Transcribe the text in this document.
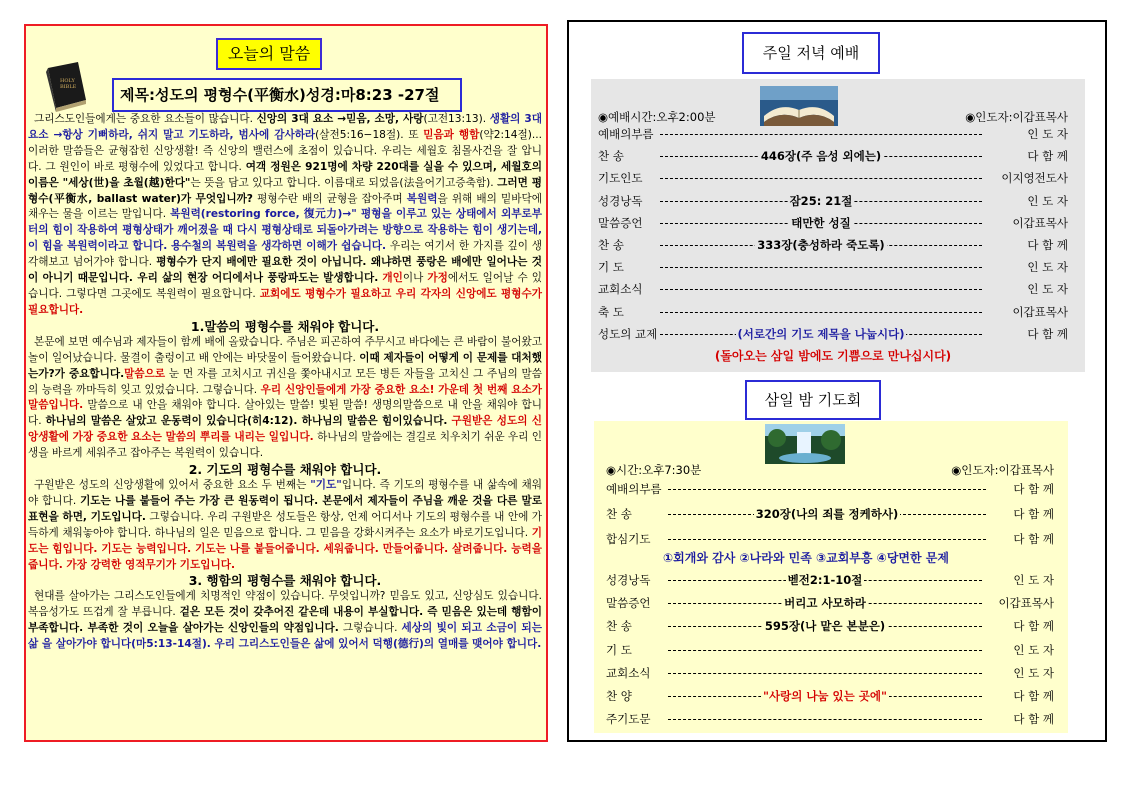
오늘의 말씀
HOLY
BIBLE	제목:성도의 평형수(平衡水)성경:마8:23 -27절

그리스도인들에게는 중요한 요소들이 많습니다. 신앙의 3대 요소 →믿음, 소망, 사랑(고전13:13). 생활의 3대 요소 →항상 기뻐하라, 쉬지 말고 기도하라, 범사에 감사하라(살전5:16−18절). 또 믿음과 행함(약2:14절)... 이러한 말씀들은 균형잡힌 신앙생활! 즉 신앙의 밸런스에 초점이 있습니다. 우리는 세월호 침몰사건을 잘 압니다. 그 원인이 바로 평형수에 있었다고 합니다. 여객 정원은 921명에 차량 220대를 실을 수 있으며, 세월호의 이름은 "세상(世)을 초월(越)한다"는 뜻을 담고 있다고 합니다. 이름대로 되었음(法을어기고증축함). 그러면 평형수(平衡水, ballast water)가 무엇입니까? 평형수란 배의 균형을 잡아주며 복원력을 위해 배의 밑바닥에 채우는 물을 이르는 말입니다. 복원력(restoring force, 復元力)→" 평형을 이루고 있는 상태에서 외부로부터의 힘이 작용하여 평형상태가 깨어졌을 때 다시 평형상태로 되돌아가려는 방향으로 작용하는 힘이 생기는데, 이 힘을 복원력이라고 합니다. 용수철의 복원력을 생각하면 이해가 쉽습니다. 우리는 여기서 한 가지를 깊이 생각해보고 넘어가야 합니다. 평형수가 단지 배에만 필요한 것이 아닙니다. 왜냐하면 풍랑은 배에만 일어나는 것이 아니기 때문입니다. 우리 삶의 현장 어디에서나 풍랑파도는 발생합니다. 개인이나 가정에서도 일어날 수 있습니다. 그렇다면 그곳에도 복원력이 필요합니다. 교회에도 평형수가 필요하고 우리 각자의 신앙에도 평형수가 필요합니다.

1.말씀의 평형수를 채워야 합니다.

본문에 보면 예수님과 제자들이 함께 배에 올랐습니다. 주님은 피곤하여 주무시고 바다에는 큰 바람이 불어왔고 놀이 일어났습니다. 물결이 출렁이고 배 안에는 바닷물이 들어왔습니다. 이때 제자들이 어떻게 이 문제를 대처했는가?가 중요합니다.말씀으로 눈 먼 자를 고치시고 귀신을 쫓아내시고 모든 병든 자들을 고치신 그 주님의 말씀의 능력을 까마득히 잊고 있었습니다. 그렇습니다. 우리 신앙인들에게 가장 중요한 요소! 가운데 첫 번째 요소가 말씀입니다. 말씀으로 내 안을 채워야 합니다. 살아있는 말씀! 빛된 말씀! 생명의말씀으로 내 안을 채워야 합니다. 하나님의 말씀은 살았고 운동력이 있습니다(히4:12). 하나님의 말씀은 힘이있습니다. 구원받은 성도의 신앙생활에 가장 중요한 요소는 말씀의 뿌리를 내리는 일입니다. 하나님의 말씀에는 결길로 치우치기 쉬운 우리 인생을 바르게 세워주고 잡아주는 복원력이 있습니다.

2. 기도의 평형수를 채워야 합니다.

구원받은 성도의 신앙생활에 있어서 중요한 요소 두 번째는 "기도"입니다. 즉 기도의 평형수를 내 삶속에 채워야 합니다. 기도는 나를 붙들어 주는 가장 큰 원동력이 됩니다. 본문에서 제자들이 주님을 깨운 것을 다른 말로 표현을 하면, 기도입니다. 그렇습니다. 우리 구원받은 성도들은 항상, 언제 어디서나 기도의 평형수를 내 안에 가득하게 채워놓아야 합니다. 하나님의 일은 믿음으로 합니다. 그 믿음을 강화시켜주는 요소가 바로기도입니다. 기도는 힘입니다. 기도는 능력입니다. 기도는 나를 붙들어줍니다. 세워줍니다. 만들어줍니다. 살려줍니다. 능력을 줍니다. 가장 강력한 영적무기가 기도입니다.

3. 행함의 평형수를 채워야 합니다.

현대를 살아가는 그리스도인들에게 치명적인 약점이 있습니다. 무엇입니까? 믿음도 있고, 신앙심도 있습니다. 복음성가도 뜨겁게 잘 부릅니다. 겉은 모든 것이 갖추어진 같은데 내용이 부실합니다. 즉 믿음은 있는데 행함이 부족합니다. 부족한 것이 오늘을 살아가는 신앙인들의 약점입니다. 그렇습니다. 세상의 빛이 되고 소금이 되는 삶 을 살아가야 합니다(마5:13-14절). 우리 그리스도인들은 삶에 있어서 덕행(德行)의 열매를 맺어야 합니다.

주일 저녁 예배
◉예배시간:오후2:00분	◉인도자:이갑표목사
(돌아오는 삼일 밤에도 기쁨으로 만나십시다)
삼일 밤 기도회
◉시간:오후7:30분	◉인도자:이갑표목사
①회개와 감사 ②나라와 민족 ③교회부흥 ④당면한 문제
예배의부름	인 도 자
찬 송	446장(주 음성 외에는)	다 함 께
기도인도	이지영전도사
성경낭독	잠25: 21절	인 도 자
말씀증언	태만한 성질	이갑표목사
찬 송	333장(충성하라 죽도록)	다 함 께
기 도	인 도 자
교회소식	인 도 자
축 도	이갑표목사
성도의 교제	(서로간의 기도 제목을 나눕시다)	다 함 께
예배의부름	다 함 께
찬 송	320장(나의 죄를 정케하사)	다 함 께
합심기도	다 함 께
성경낭독	벧전2:1-10절	인 도 자
말씀증언	버리고 사모하라	이갑표목사
찬 송	595장(나 맡은 본분은)	다 함 께
기 도	인 도 자
교회소식	인 도 자
찬 양	"사랑의 나눔 있는 곳에"	다 함 께
주기도문	다 함 께
